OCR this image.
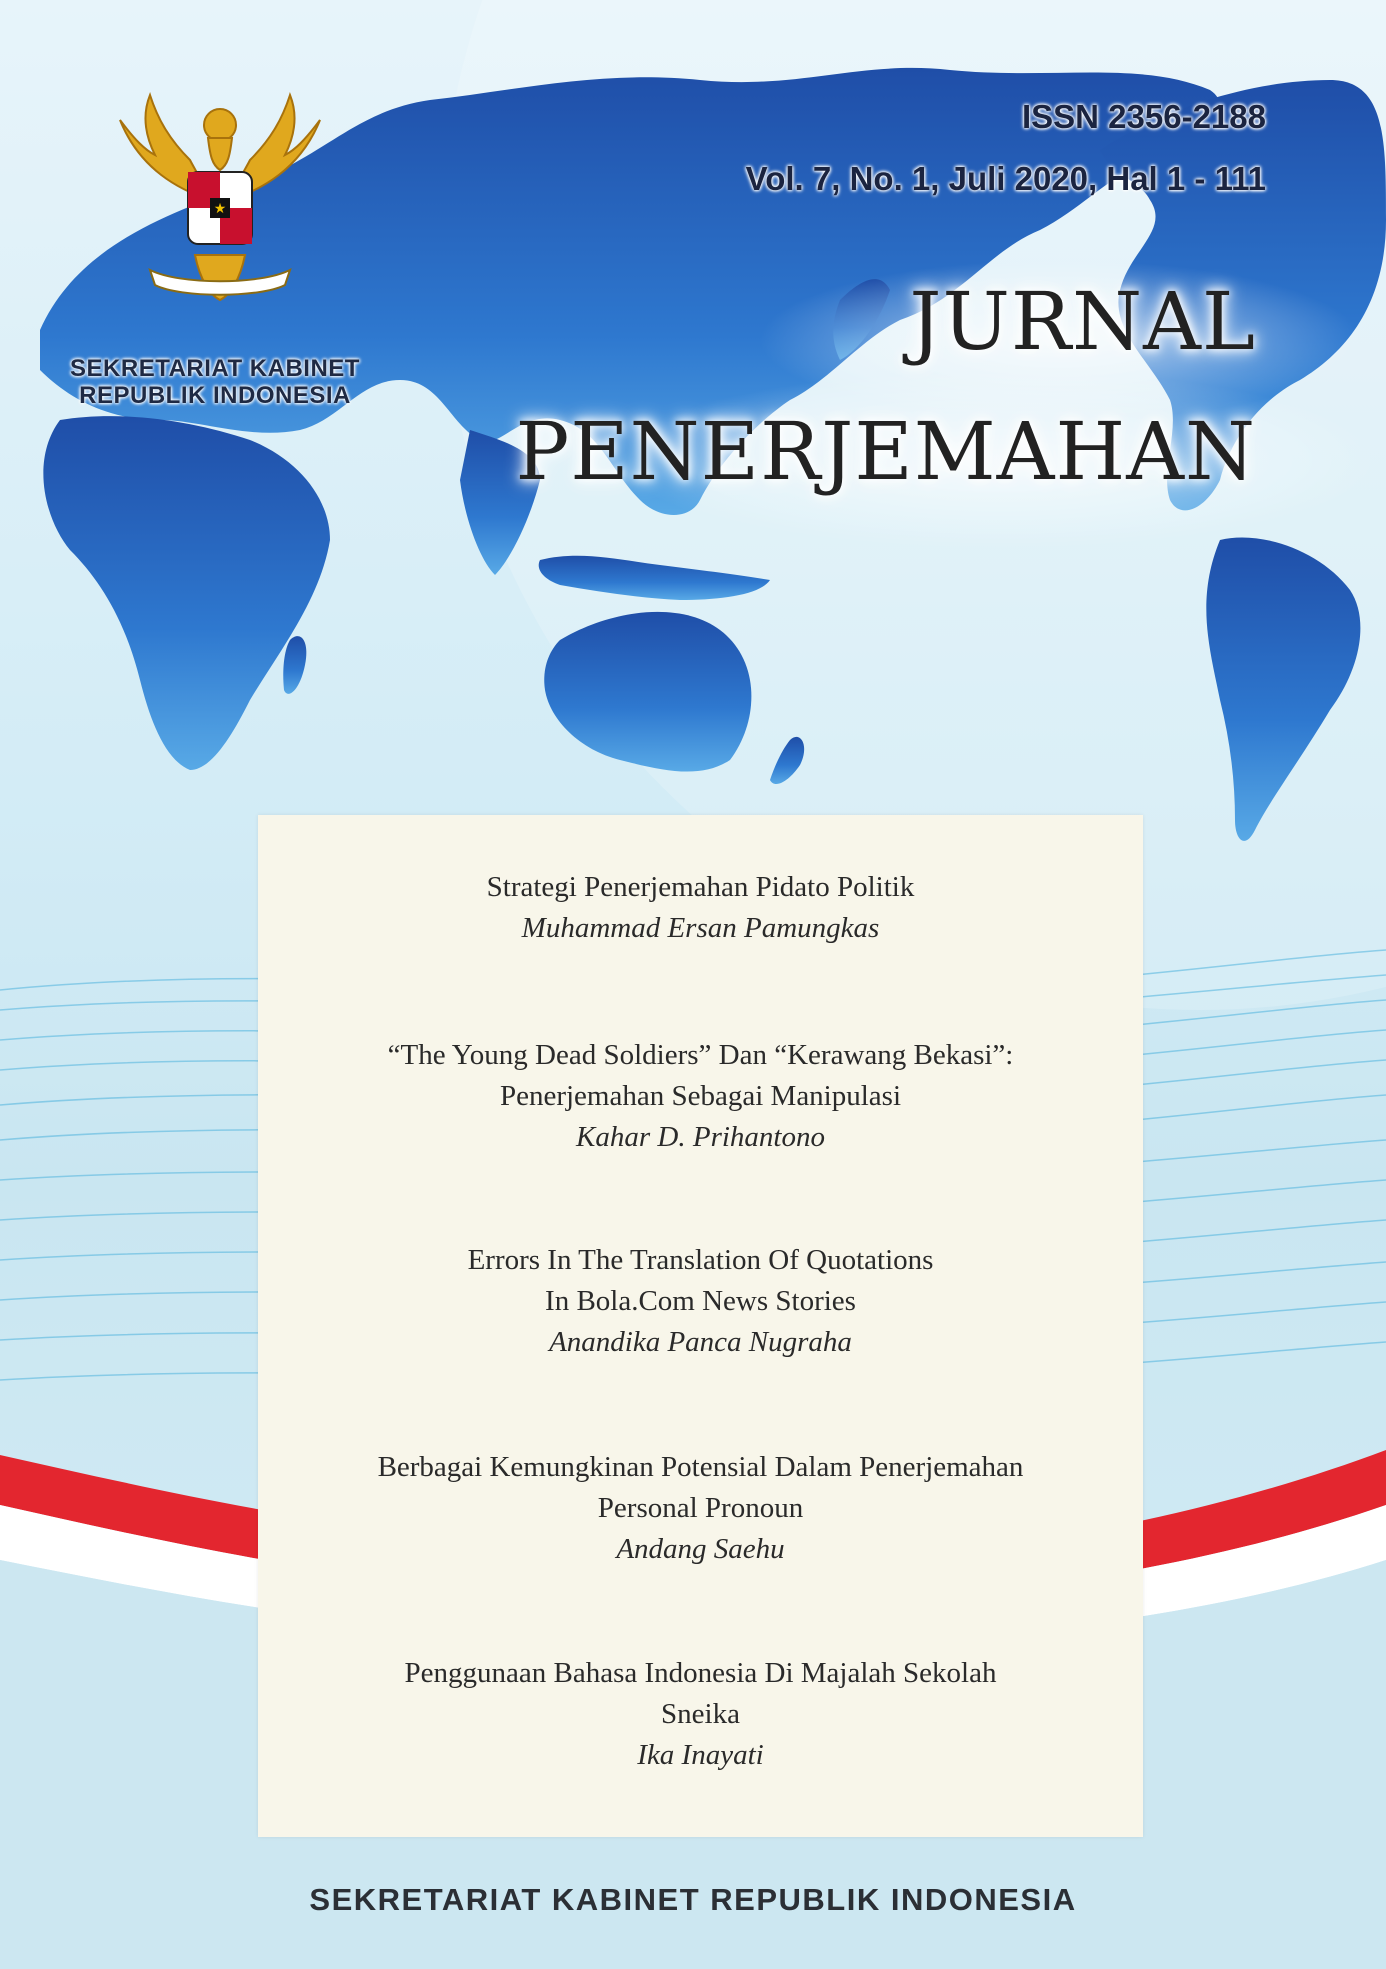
★
SEKRETARIAT KABINET
REPUBLIK INDONESIA
ISSN 2356-2188
Vol. 7, No. 1, Juli 2020, Hal 1 - 111
JURNAL
PENERJEMAHAN
Strategi Penerjemahan Pidato Politik
Muhammad Ersan Pamungkas
“The Young Dead Soldiers” Dan “Kerawang Bekasi”:
Penerjemahan Sebagai Manipulasi
Kahar D. Prihantono
Errors In The Translation Of Quotations
In Bola.Com News Stories
Anandika Panca Nugraha
Berbagai Kemungkinan Potensial Dalam Penerjemahan
Personal Pronoun
Andang Saehu
Penggunaan Bahasa Indonesia Di Majalah Sekolah
Sneika
Ika Inayati
SEKRETARIAT KABINET REPUBLIK INDONESIA
